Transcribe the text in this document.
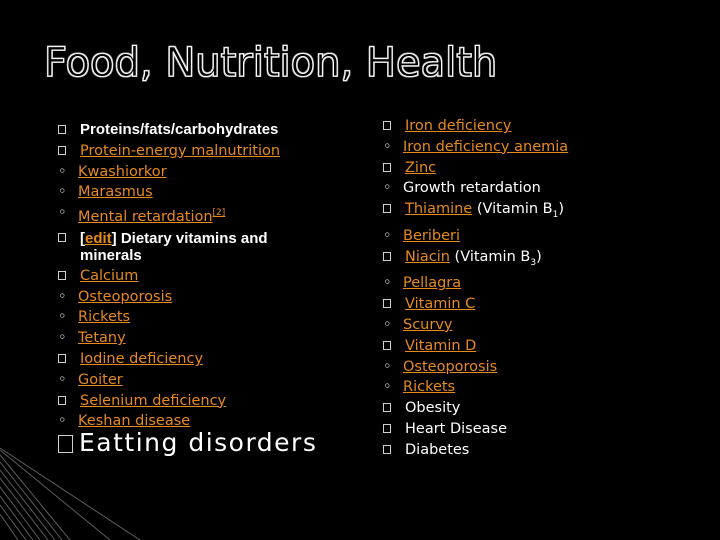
Food, Nutrition, Health
Proteins/fats/carbohydrates
Protein-energy malnutrition
◦ Kwashiorkor
◦ Marasmus
◦ Mental retardation[2]
[edit] Dietary vitamins and
minerals
Calcium
◦ Osteoporosis
◦ Rickets
◦ Tetany
Iodine deficiency
◦ Goiter
Selenium deficiency
◦ Keshan disease
Eatting disorders
Iron deficiency
◦ Iron deficiency anemia
Zinc
◦ Growth retardation
Thiamine (Vitamin $B_1$)
◦ Beriberi
Niacin (Vitamin $B_3$)
◦ Pellagra
Vitamin C
◦ Scurvy
Vitamin D
◦ Osteoporosis
◦ Rickets
Obesity
Heart Disease
Diabetes
